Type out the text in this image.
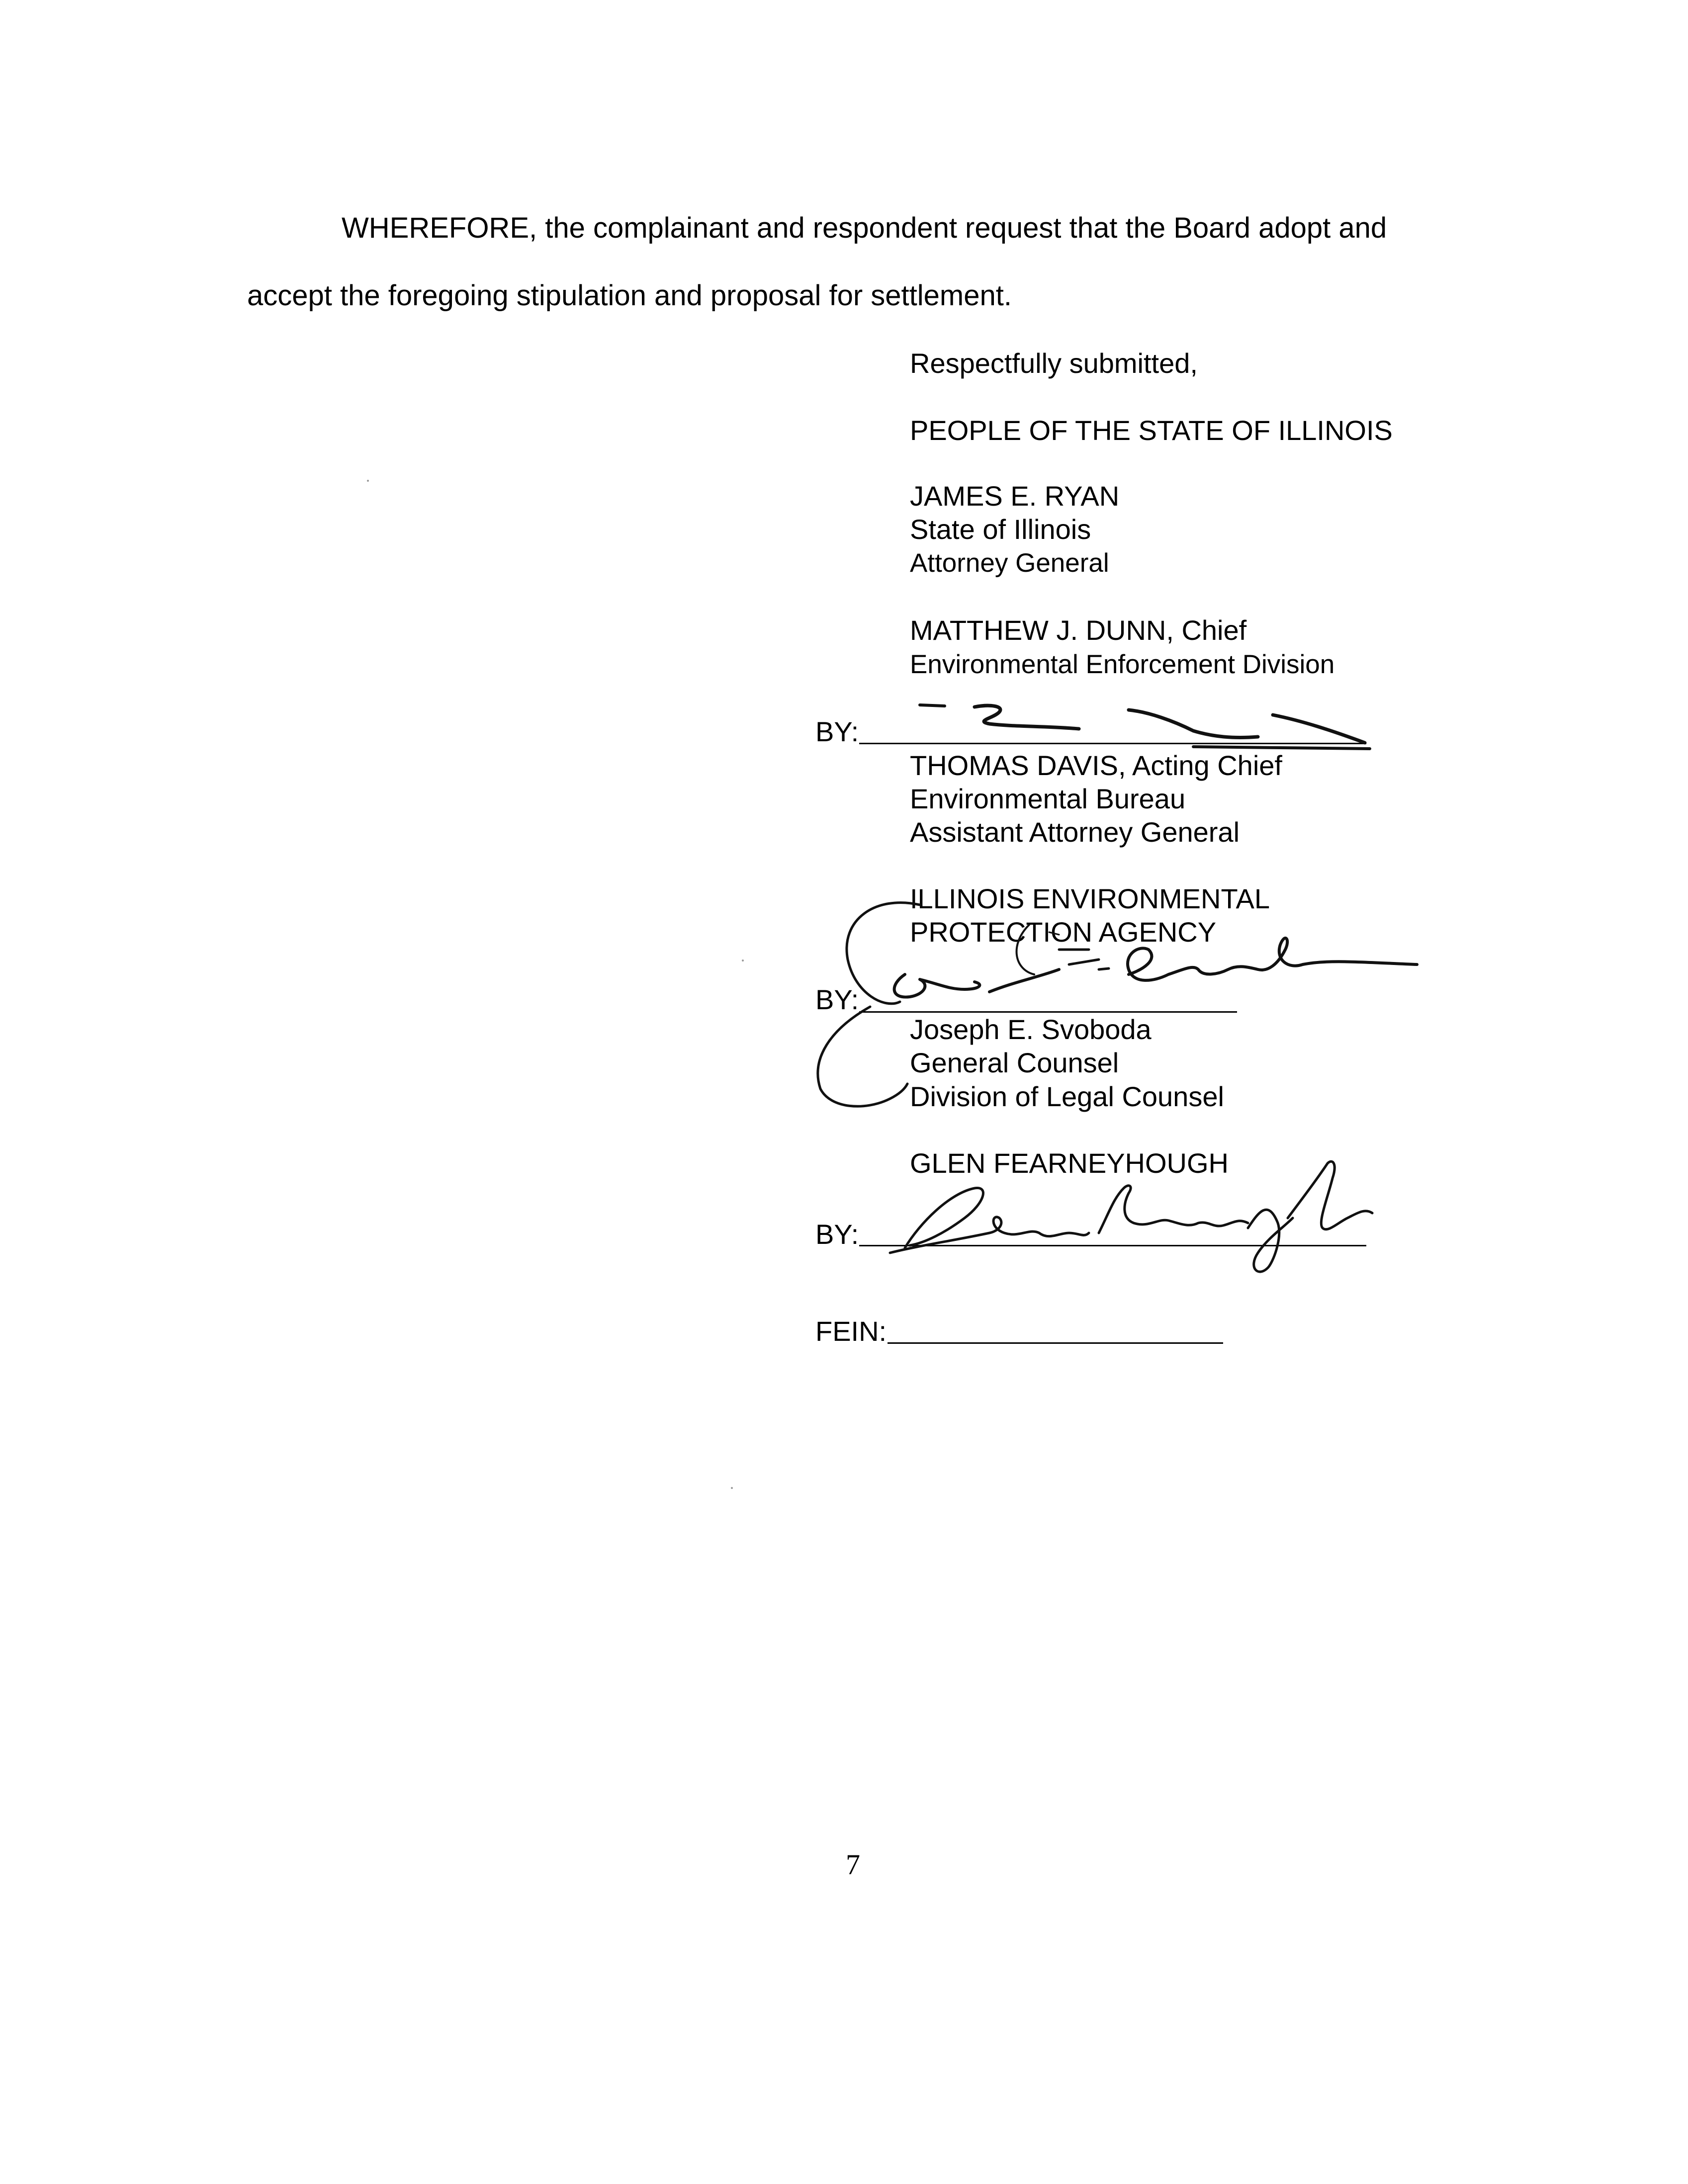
WHEREFORE, the complainant and respondent request that the Board adopt and
accept the foregoing stipulation and proposal for settlement.
Respectfully submitted,
PEOPLE OF THE STATE OF ILLINOIS
JAMES E. RYAN
State of Illinois
Attorney General
MATTHEW J. DUNN, Chief
Environmental Enforcement Division
BY:
THOMAS DAVIS, Acting Chief
Environmental Bureau
Assistant Attorney General
ILLINOIS ENVIRONMENTAL
PROTECTION AGENCY
BY:
Joseph E. Svoboda
General Counsel
Division of Legal Counsel
GLEN FEARNEYHOUGH
BY:
FEIN:
7
